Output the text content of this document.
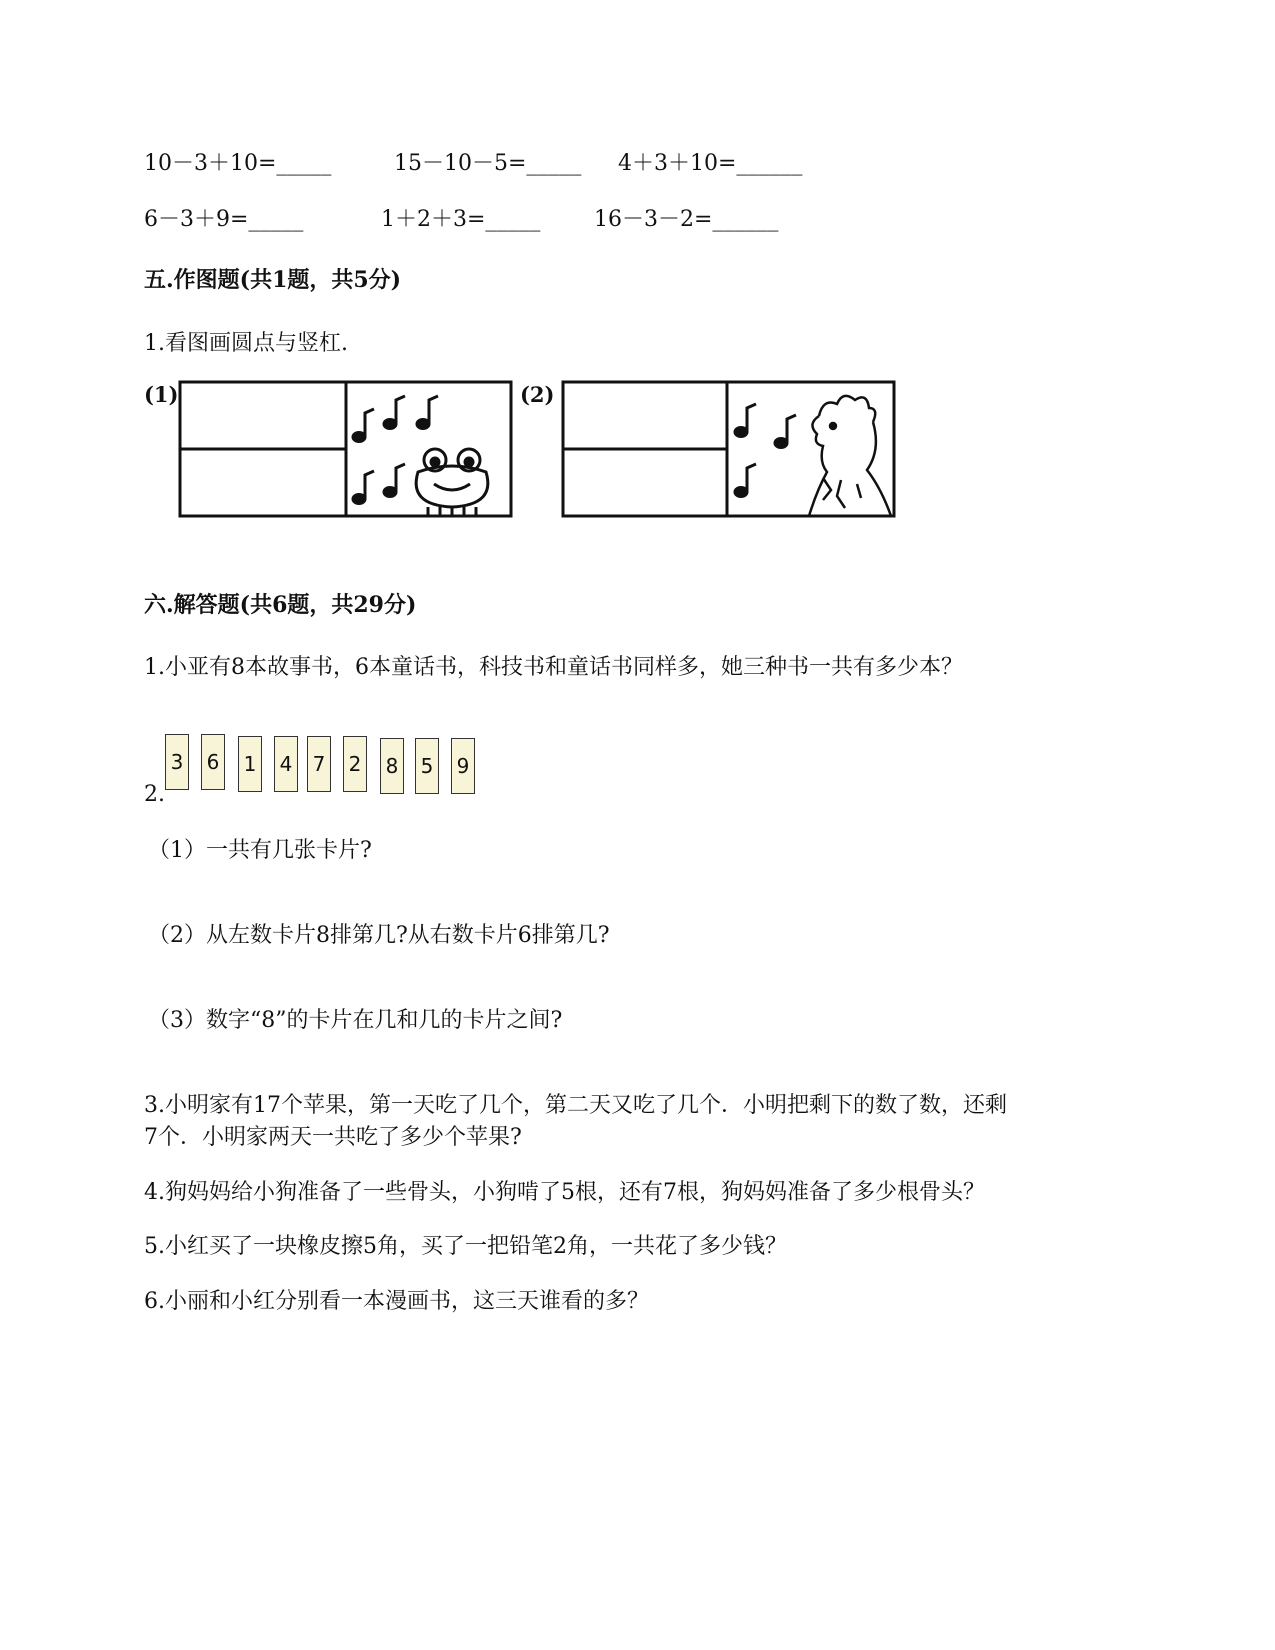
10－3＋10=_____	15－10－5=_____ 4＋3＋10=______
6－3＋9=_____	1＋2＋3=_____ 16－3－2=______
五.作图题(共1题，共5分)
1.看图画圆点与竖杠.
(1)	(2)
六.解答题(共6题，共29分)
1.小亚有8本故事书，6本童话书，科技书和童话书同样多，她三种书一共有多少本？
2.
3 6 1 4 7 2 8 5 9
（1）一共有几张卡片?
（2）从左数卡片8排第几?从右数卡片6排第几?
（3）数字“8”的卡片在几和几的卡片之间?
3.小明家有17个苹果，第一天吃了几个，第二天又吃了几个．小明把剩下的数了数，还剩
7个．小明家两天一共吃了多少个苹果?
4.狗妈妈给小狗准备了一些骨头，小狗啃了5根，还有7根，狗妈妈准备了多少根骨头？
5.小红买了一块橡皮擦5角，买了一把铅笔2角，一共花了多少钱？
6.小丽和小红分别看一本漫画书，这三天谁看的多？
